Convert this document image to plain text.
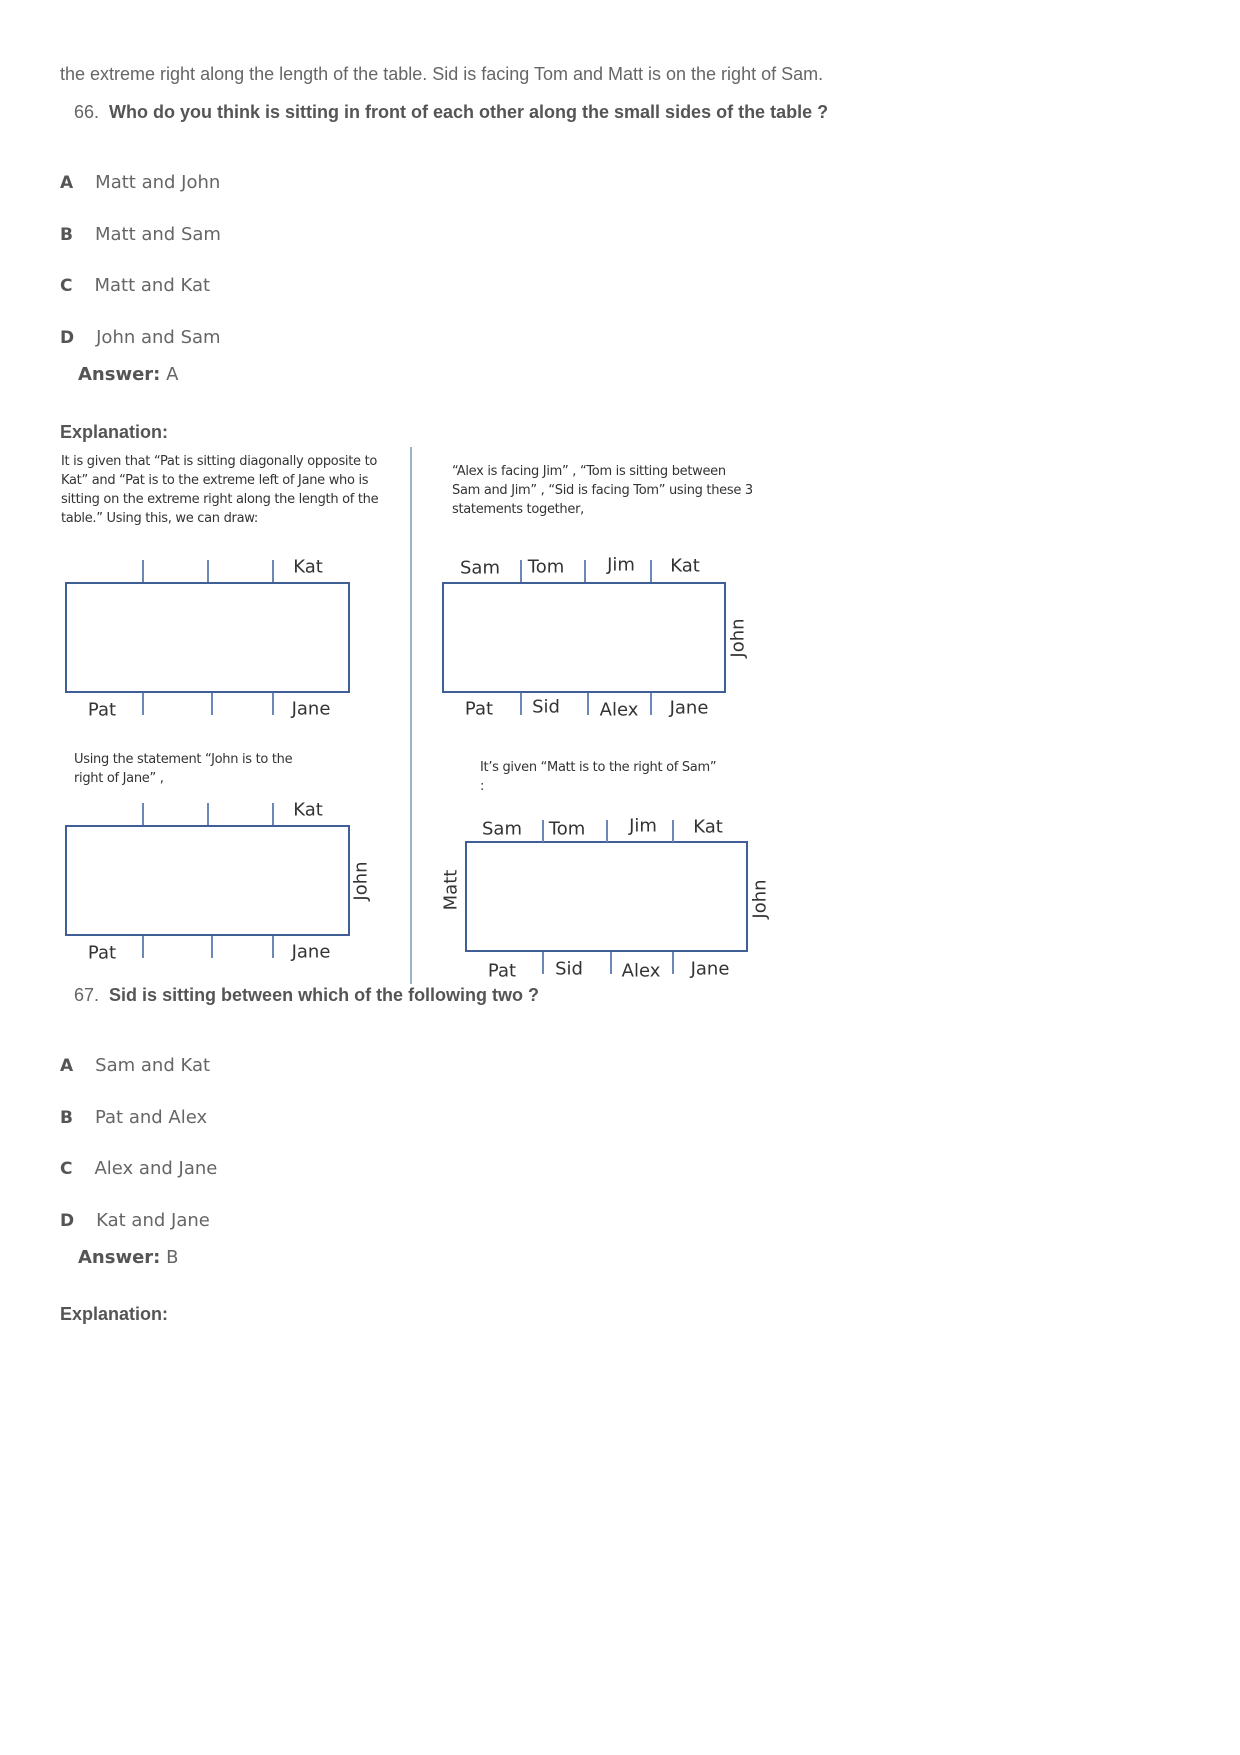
the extreme right along the length of the table. Sid is facing Tom and Matt is on the right of Sam.
66. Who do you think is sitting in front of each other along the small sides of the table ?
A Matt and John
B Matt and Sam
C Matt and Kat
D John and Sam
Answer: A
Explanation:
It is given that “Pat is sitting diagonally opposite to Kat” and “Pat is to the extreme left of Jane who is sitting on the extreme right along the length of the table.” Using this, we can draw:
“Alex is facing Jim” , “Tom is sitting between Sam and Jim” , “Sid is facing Tom” using these 3 statements together,
Using the statement “John is to the right of Jane” ,
It’s given “Matt is to the right of Sam” :
Kat
Pat	Jane
Sam Tom Jim Kat
John
Pat Sid Alex Jane
Kat
John
Pat	Jane
Sam Tom Jim Kat
Matt	John
Pat Sid Alex Jane
67. Sid is sitting between which of the following two ?
A Sam and Kat
B Pat and Alex
C Alex and Jane
D Kat and Jane
Answer: B
Explanation:
